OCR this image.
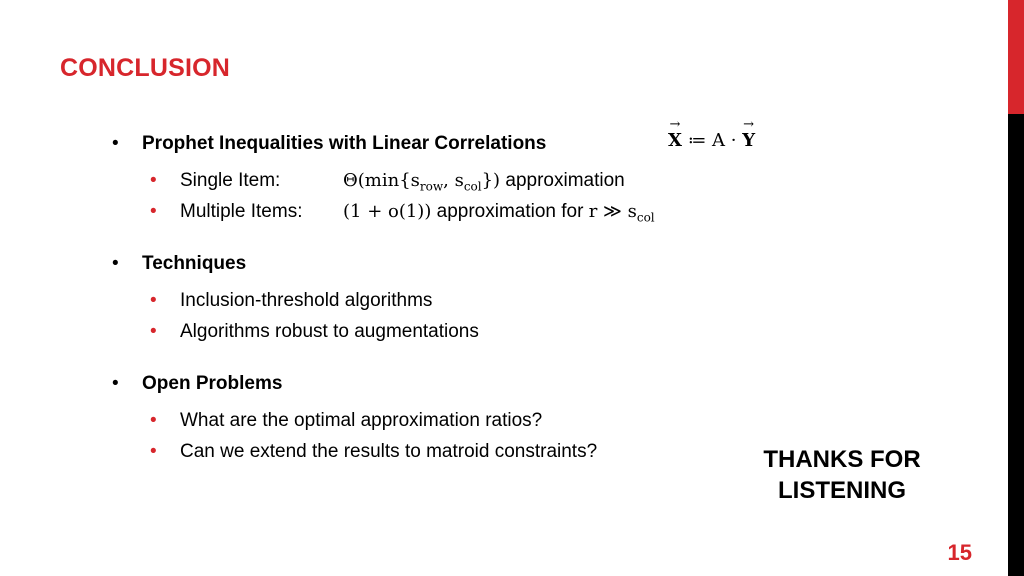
CONCLUSION
• Prophet Inequalities with Linear Correlations
→	X ≔ A · → Y
• Single Item:	$\Theta(\min\{s_{row}$, $s_{col}$}) approximation
• Multiple Items: (1 + o(1)) approximation for r ≫ $s_{col}$
• Techniques
• Inclusion-threshold algorithms
• Algorithms robust to augmentations
• Open Problems
• What are the optimal approximation ratios?
• Can we extend the results to matroid constraints?	THANKS FOR
LISTENING
15
